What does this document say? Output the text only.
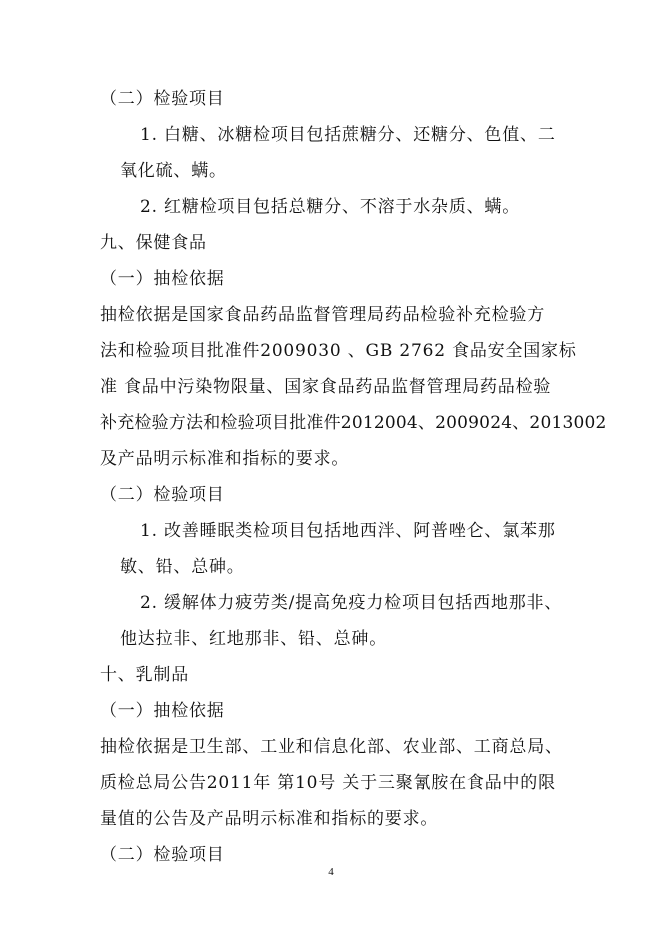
（二）检验项目
1. 白糖、冰糖检项目包括蔗糖分、还糖分、色值、二
氧化硫、螨。
2. 红糖检项目包括总糖分、不溶于水杂质、螨。
九、保健食品
（一）抽检依据
抽检依据是国家食品药品监督管理局药品检验补充检验方
法和检验项目批准件2009030 、GB 2762 食品安全国家标
准 食品中污染物限量、国家食品药品监督管理局药品检验
补充检验方法和检验项目批准件2012004、2009024、2013002
及产品明示标准和指标的要求。
（二）检验项目
1. 改善睡眠类检项目包括地西泮、阿普唑仑、氯苯那
敏、铅、总砷。
2. 缓解体力疲劳类/提高免疫力检项目包括西地那非、
他达拉非、红地那非、铅、总砷。
十、乳制品
（一）抽检依据
抽检依据是卫生部、工业和信息化部、农业部、工商总局、
质检总局公告2011年 第10号 关于三聚氰胺在食品中的限
量值的公告及产品明示标准和指标的要求。
（二）检验项目
4
